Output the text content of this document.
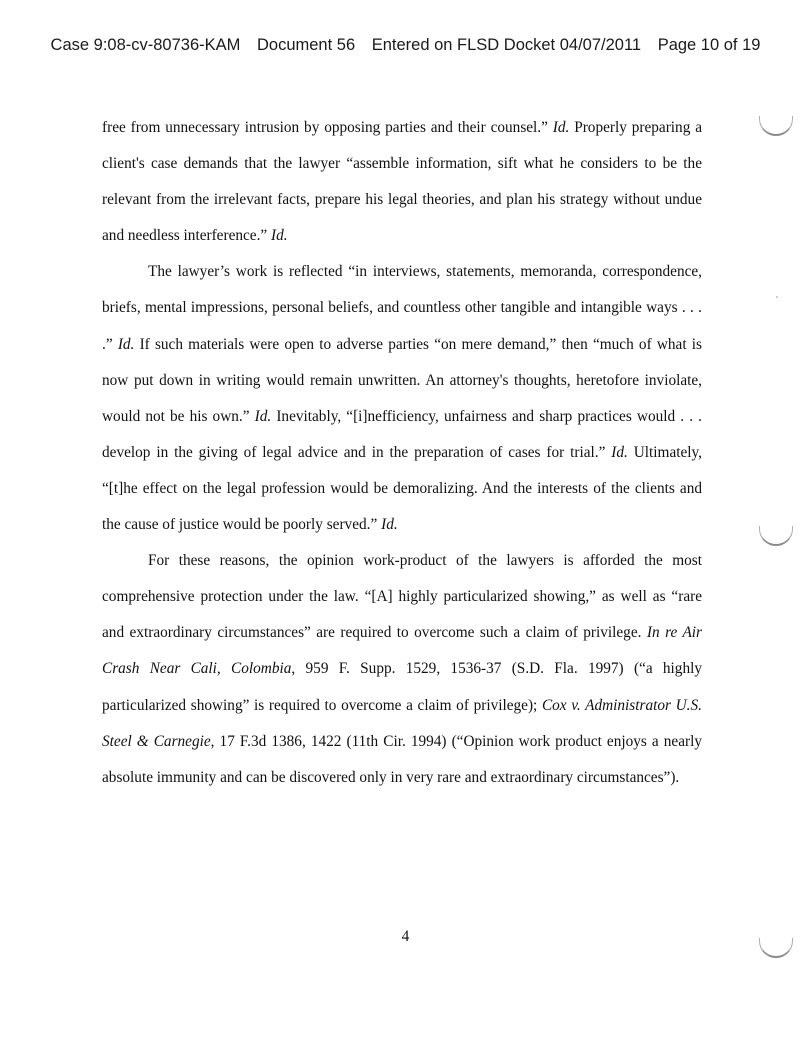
Case 9:08-cv-80736-KAM Document 56 Entered on FLSD Docket 04/07/2011 Page 10 of 19

free from unnecessary intrusion by opposing parties and their counsel.” Id. Properly preparing a client's case demands that the lawyer “assemble information, sift what he considers to be the relevant from the irrelevant facts, prepare his legal theories, and plan his strategy without undue and needless interference.” Id.

The lawyer’s work is reflected “in interviews, statements, memoranda, correspondence, briefs, mental impressions, personal beliefs, and countless other tangible and intangible ways . . . .” Id. If such materials were open to adverse parties “on mere demand,” then “much of what is now put down in writing would remain unwritten. An attorney's thoughts, heretofore inviolate, would not be his own.” Id. Inevitably, “[i]nefficiency, unfairness and sharp practices would . . . develop in the giving of legal advice and in the preparation of cases for trial.” Id. Ultimately, “[t]he effect on the legal profession would be demoralizing. And the interests of the clients and the cause of justice would be poorly served.” Id.

For these reasons, the opinion work-product of the lawyers is afforded the most comprehensive protection under the law. “[A] highly particularized showing,” as well as “rare and extraordinary circumstances” are required to overcome such a claim of privilege. In re Air Crash Near Cali, Colombia, 959 F. Supp. 1529, 1536-37 (S.D. Fla. 1997) (“a highly particularized showing” is required to overcome a claim of privilege); Cox v. Administrator U.S. Steel & Carnegie, 17 F.3d 1386, 1422 (11th Cir. 1994) (“Opinion work product enjoys a nearly absolute immunity and can be discovered only in very rare and extraordinary circumstances”).

4
